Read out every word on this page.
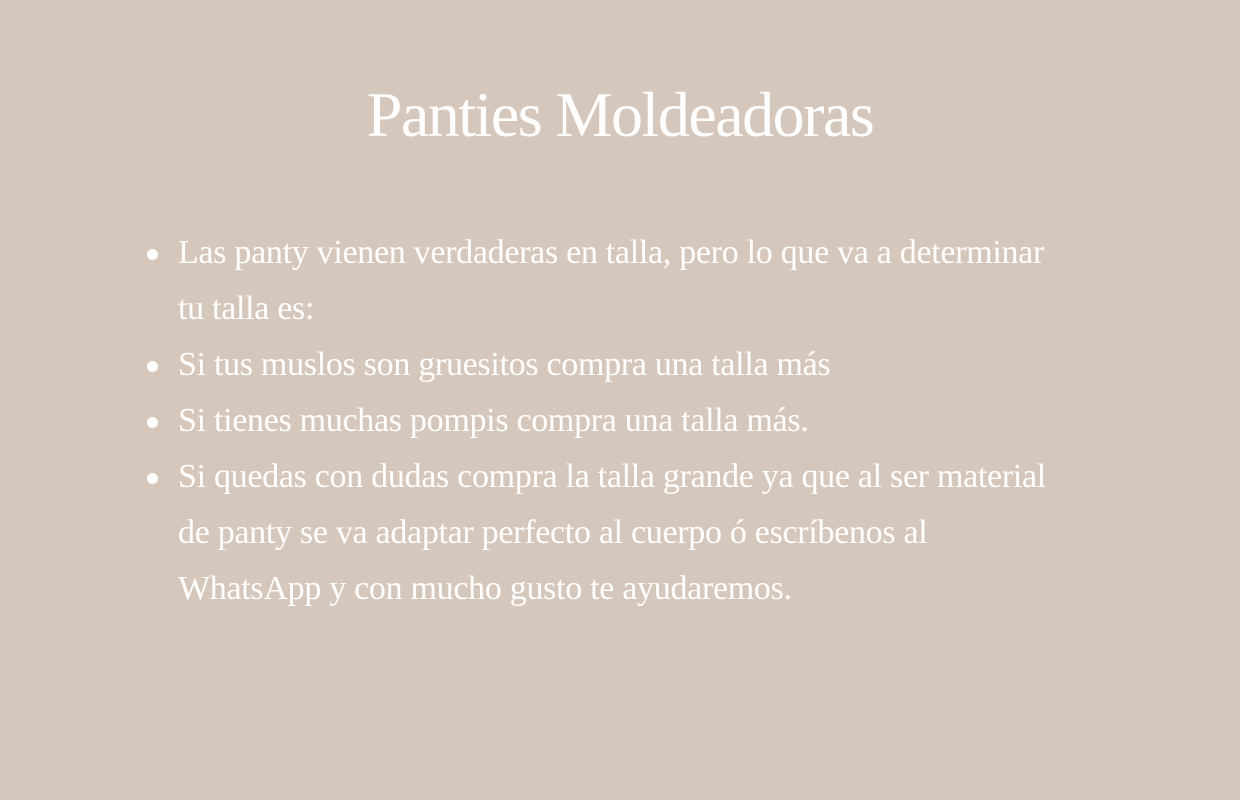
Panties Moldeadoras
Las panty vienen verdaderas en talla, pero lo que va a determinar tu talla es:
Si tus muslos son gruesitos compra una talla más
Si tienes muchas pompis compra una talla más.
Si quedas con dudas compra la talla grande ya que al ser material de panty se va adaptar perfecto al cuerpo ó escríbenos al WhatsApp y con mucho gusto te ayudaremos.
